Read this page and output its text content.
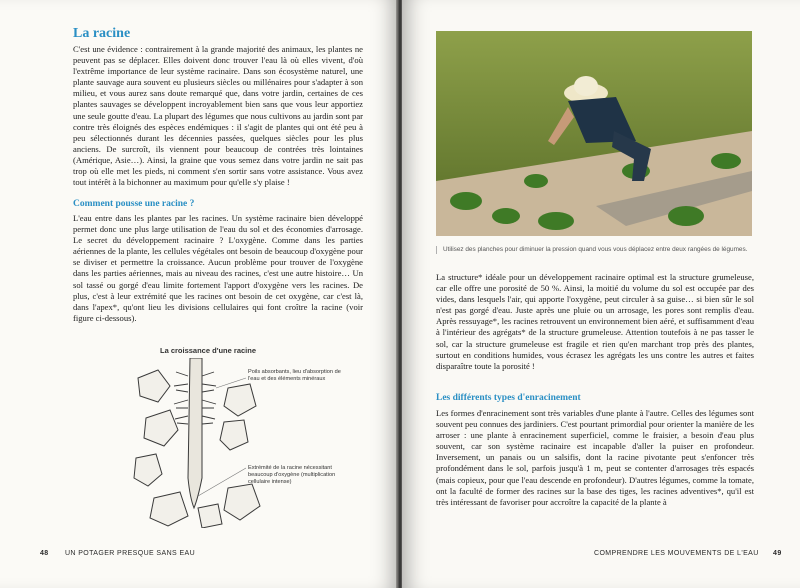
La racine
C'est une évidence : contrairement à la grande majorité des animaux, les plantes ne peuvent pas se déplacer. Elles doivent donc trouver l'eau là où elles vivent, d'où l'extrême importance de leur système racinaire. Dans son écosystème naturel, une plante sauvage aura souvent eu plusieurs siècles ou millénaires pour s'adapter à son milieu, et vous aurez sans doute remarqué que, dans votre jardin, certaines de ces plantes sauvages se développent incroyablement bien sans que vous leur apportiez une seule goutte d'eau. La plupart des légumes que nous cultivons au jardin sont par contre très éloignés des espèces endémiques : il s'agit de plantes qui ont été peu à peu sélectionnés durant les décennies passées, quelques siècles pour les plus anciens. De surcroît, ils viennent pour beaucoup de contrées très lointaines (Amérique, Asie…). Ainsi, la graine que vous semez dans votre jardin ne sait pas trop où elle met les pieds, ni comment s'en sortir sans votre assistance. Vous avez tout intérêt à la bichonner au maximum pour qu'elle s'y plaise !
Comment pousse une racine ?
L'eau entre dans les plantes par les racines. Un système racinaire bien développé permet donc une plus large utilisation de l'eau du sol et des économies d'arrosage. Le secret du développement racinaire ? L'oxygène. Comme dans les parties aériennes de la plante, les cellules végétales ont besoin de beaucoup d'oxygène pour se diviser et permettre la croissance. Aucun problème pour trouver de l'oxygène dans les parties aériennes, mais au niveau des racines, c'est une autre histoire… Un sol tassé ou gorgé d'eau limite fortement l'apport d'oxygène vers les racines. De plus, c'est à leur extrémité que les racines ont besoin de cet oxygène, car c'est là, dans l'apex*, qu'ont lieu les divisions cellulaires qui font croître la racine (voir figure ci-dessous).
La croissance d'une racine
Poils absorbants, lieu d'absorption de l'eau et des éléments minéraux
Extrémité de la racine nécessitant beaucoup d'oxygène (multiplication cellulaire intense)
48 UN POTAGER PRESQUE SANS EAU
Utilisez des planches pour diminuer la pression quand vous vous déplacez entre deux rangées de légumes.
La structure* idéale pour un développement racinaire optimal est la structure grumeleuse, car elle offre une porosité de 50 %. Ainsi, la moitié du volume du sol est occupée par des vides, dans lesquels l'air, qui apporte l'oxygène, peut circuler à sa guise… si bien sûr le sol n'est pas gorgé d'eau. Juste après une pluie ou un arrosage, les pores sont remplis d'eau. Après ressuyage*, les racines retrouvent un environnement bien aéré, et suffisamment d'eau à l'intérieur des agrégats* de la structure grumeleuse. Attention toutefois à ne pas tasser le sol, car la structure grumeleuse est fragile et rien qu'en marchant trop près des plantes, surtout en conditions humides, vous écrasez les agrégats les uns contre les autres et faites disparaître toute la porosité !
Les différents types d'enracinement
Les formes d'enracinement sont très variables d'une plante à l'autre. Celles des légumes sont souvent peu connues des jardiniers. C'est pourtant primordial pour orienter la manière de les arroser : une plante à enracinement superficiel, comme le fraisier, a besoin d'eau plus souvent, car son système racinaire est incapable d'aller la puiser en profondeur. Inversement, un panais ou un salsifis, dont la racine pivotante peut s'enfoncer très profondément dans le sol, parfois jusqu'à 1 m, peut se contenter d'arrosages très espacés (mais copieux, pour que l'eau descende en profondeur). D'autres légumes, comme la tomate, ont la faculté de former des racines sur la base des tiges, les racines adventives*, qu'il est très intéressant de favoriser pour accroître la capacité de la plante à
COMPRENDRE LES MOUVEMENTS DE L'EAU 49
